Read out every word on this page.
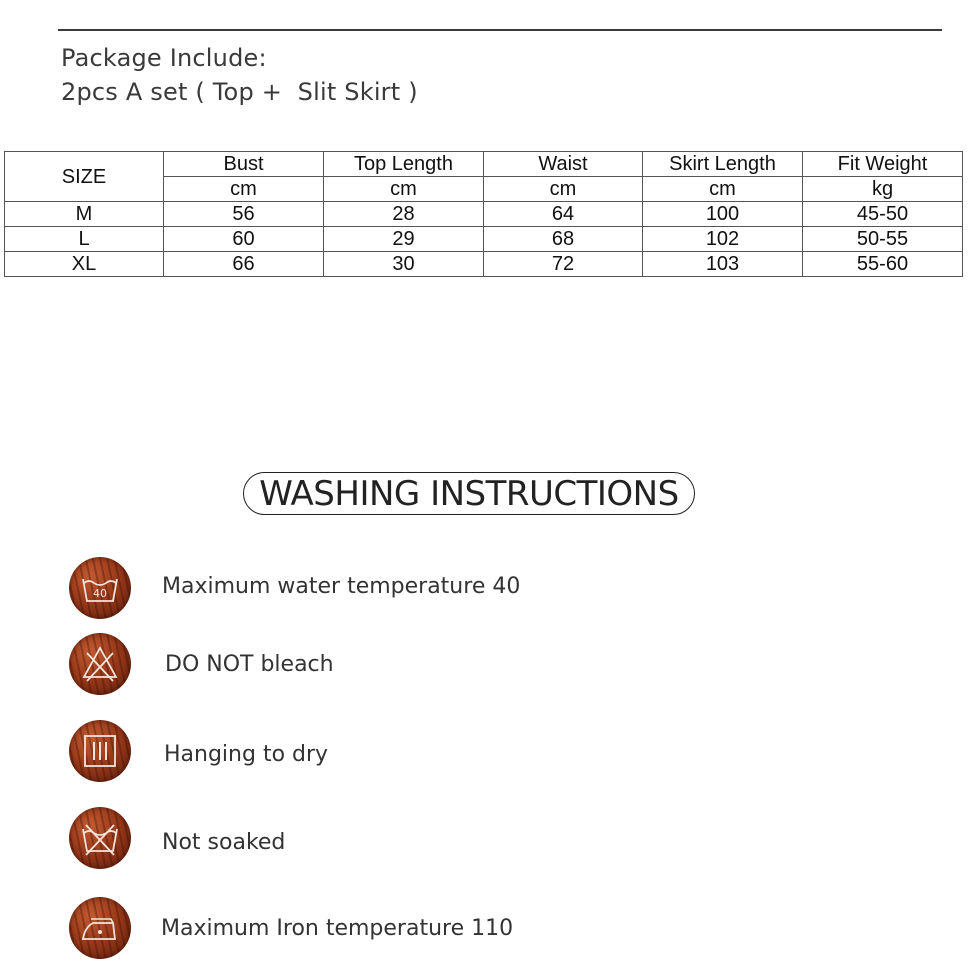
Package Include:
2pcs A set ( Top +  Slit Skirt )
SIZE	Bust	Top Length	Waist	Skirt Length	Fit Weight
	cm	cm	cm	cm	kg
M	56	28	64	100	45-50
L	60	29	68	102	50-55
XL	66	30	72	103	55-60
WASHING INSTRUCTIONS
40	Maximum water temperature 40
DO NOT bleach
Hanging to dry
Not soaked
Maximum Iron temperature 110
